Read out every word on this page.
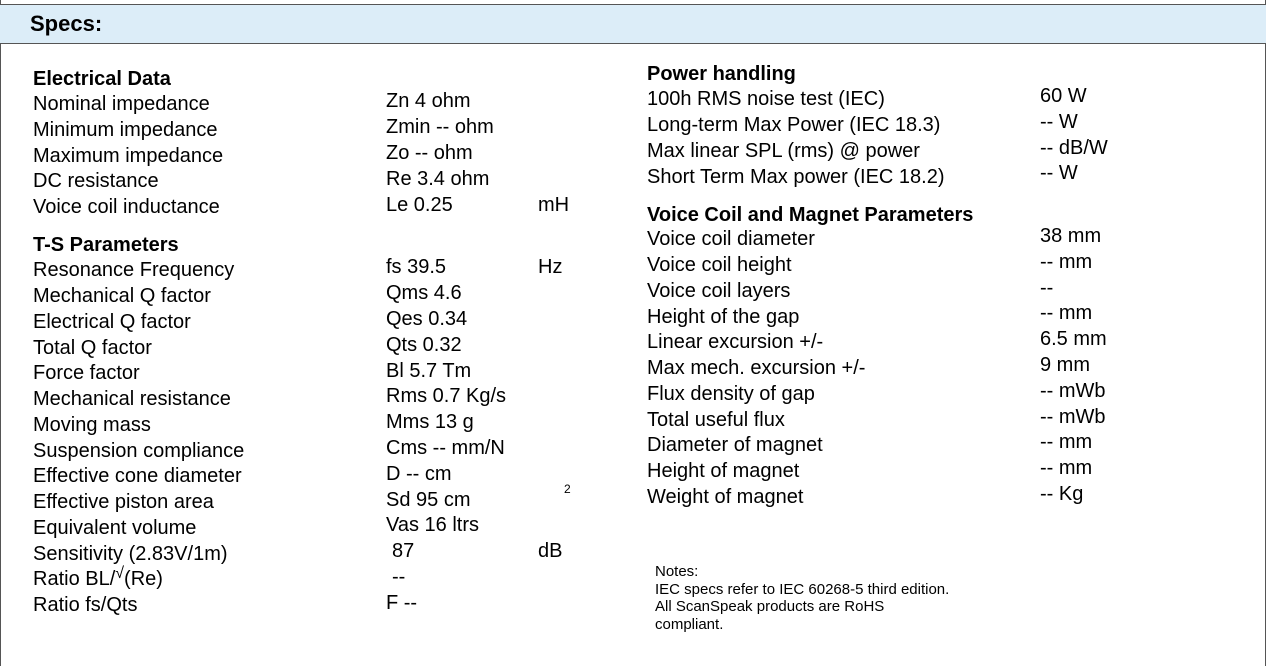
Specs:
Electrical Data
Nominal impedance	Zn 4 ohm
Minimum impedance	Zmin -- ohm
Maximum impedance	Zo -- ohm
DC resistance	Re 3.4 ohm
Voice coil inductance	Le 0.25	mH
T-S Parameters
Resonance Frequency	fs 39.5	Hz
Mechanical Q factor	Qms 4.6
Electrical Q factor	Qes 0.34
Total Q factor	Qts 0.32
Force factor	Bl 5.7 Tm
Mechanical resistance	Rms 0.7 Kg/s
Moving mass	Mms 13 g
Suspension compliance	Cms -- mm/N
Effective cone diameter	D -- cm
Effective piston area	Sd 95 cm	2
Equivalent volume	Vas 16 ltrs
Sensitivity (2.83V/1m)	87	dB
Ratio BL/√(Re)	--
Ratio fs/Qts	F --
Power handling
100h RMS noise test (IEC)	60 W
Long-term Max Power (IEC 18.3)	-- W
Max linear SPL (rms) @ power	-- dB/W
Short Term Max power (IEC 18.2)	-- W
Voice Coil and Magnet Parameters
Voice coil diameter	38 mm
Voice coil height	-- mm
Voice coil layers	--
Height of the gap	-- mm
Linear excursion +/-	6.5 mm
Max mech. excursion +/-	9 mm
Flux density of gap	-- mWb
Total useful flux	-- mWb
Diameter of magnet	-- mm
Height of magnet	-- mm
Weight of magnet	-- Kg
Notes:
IEC specs refer to IEC 60268-5 third edition.
All ScanSpeak products are RoHS
compliant.
